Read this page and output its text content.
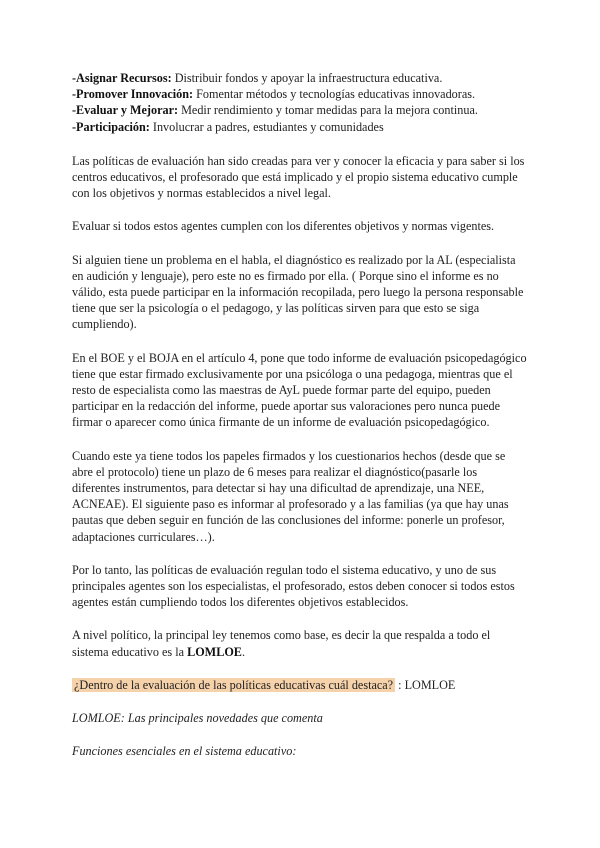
-Asignar Recursos: Distribuir fondos y apoyar la infraestructura educativa.
-Promover Innovación: Fomentar métodos y tecnologías educativas innovadoras.
-Evaluar y Mejorar: Medir rendimiento y tomar medidas para la mejora continua.
-Participación: Involucrar a padres, estudiantes y comunidades

Las políticas de evaluación han sido creadas para ver y conocer la eficacia y para saber si los centros educativos, el profesorado que está implicado y el propio sistema educativo cumple con los objetivos y normas establecidos a nivel legal.

Evaluar si todos estos agentes cumplen con los diferentes objetivos y normas vigentes.

Si alguien tiene un problema en el habla, el diagnóstico es realizado por la AL (especialista en audición y lenguaje), pero este no es firmado por ella. ( Porque sino el informe es no válido, esta puede participar en la información recopilada, pero luego la persona responsable tiene que ser la psicología o el pedagogo, y las políticas sirven para que esto se siga cumpliendo).

En el BOE y el BOJA en el artículo 4, pone que todo informe de evaluación psicopedagógico tiene que estar firmado exclusivamente por una psicóloga o una pedagoga, mientras que el resto de especialista como las maestras de AyL puede formar parte del equipo, pueden participar en la redacción del informe, puede aportar sus valoraciones pero nunca puede firmar o aparecer como única firmante de un informe de evaluación psicopedagógico.

Cuando este ya tiene todos los papeles firmados y los cuestionarios hechos (desde que se abre el protocolo) tiene un plazo de 6 meses para realizar el diagnóstico(pasarle los diferentes instrumentos, para detectar si hay una dificultad de aprendizaje, una NEE, ACNEAE). El siguiente paso es informar al profesorado y a las familias (ya que hay unas pautas que deben seguir en función de las conclusiones del informe: ponerle un profesor, adaptaciones curriculares…).

Por lo tanto, las políticas de evaluación regulan todo el sistema educativo, y uno de sus principales agentes son los especialistas, el profesorado, estos deben conocer si todos estos agentes están cumpliendo todos los diferentes objetivos establecidos.

A nivel político, la principal ley tenemos como base, es decir la que respalda a todo el sistema educativo es la LOMLOE.

¿Dentro de la evaluación de las políticas educativas cuál destaca? : LOMLOE

LOMLOE: Las principales novedades que comenta

Funciones esenciales en el sistema educativo:
